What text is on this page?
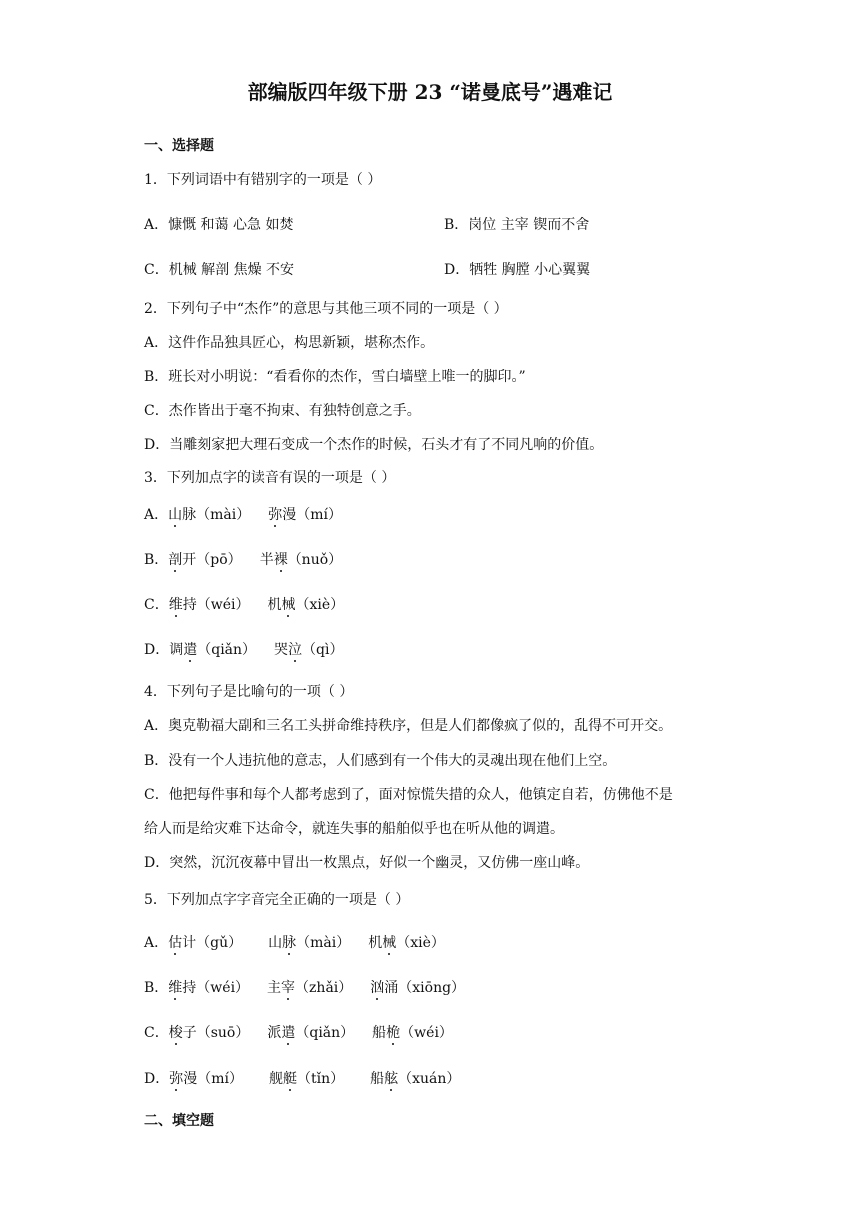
部编版四年级下册 23 “诺曼底号”遇难记
一、选择题
1．下列词语中有错别字的一项是（ ）
A．慷慨 和蔼 心急 如焚	B．岗位 主宰 锲而不舍
C．机械 解剖 焦燥 不安	D．牺牲 胸膛 小心翼翼
2．下列句子中“杰作”的意思与其他三项不同的一项是（ ）
A．这件作品独具匠心，构思新颖，堪称杰作。
B．班长对小明说：“看看你的杰作，雪白墙壁上唯一的脚印。”
C．杰作皆出于毫不拘束、有独特创意之手。
D．当雕刻家把大理石变成一个杰作的时候，石头才有了不同凡响的价值。
3．下列加点字的读音有误的一项是（ ）
A．山脉（mài） 弥漫（mí）
B．剖开（pō） 半裸（nuǒ）
C．维持（wéi） 机械（xiè）
D．调遣（qiǎn） 哭泣（qì）
4．下列句子是比喻句的一项（ ）
A．奥克勒福大副和三名工头拼命维持秩序，但是人们都像疯了似的，乱得不可开交。
B．没有一个人违抗他的意志，人们感到有一个伟大的灵魂出现在他们上空。
C．他把每件事和每个人都考虑到了，面对惊慌失措的众人，他镇定自若，仿佛他不是
给人而是给灾难下达命令，就连失事的船舶似乎也在听从他的调遣。
D．突然，沉沉夜幕中冒出一枚黑点，好似一个幽灵，又仿佛一座山峰。
5．下列加点字字音完全正确的一项是（ ）
A．估计（gǔ） 山脉（mài） 机械（xiè）
B．维持（wéi） 主宰（zhǎi） 汹涌（xiōng）
C．梭子（suō） 派遣（qiǎn） 船桅（wéi）
D．弥漫（mí） 舰艇（tǐn） 船舷（xuán）
二、填空题
